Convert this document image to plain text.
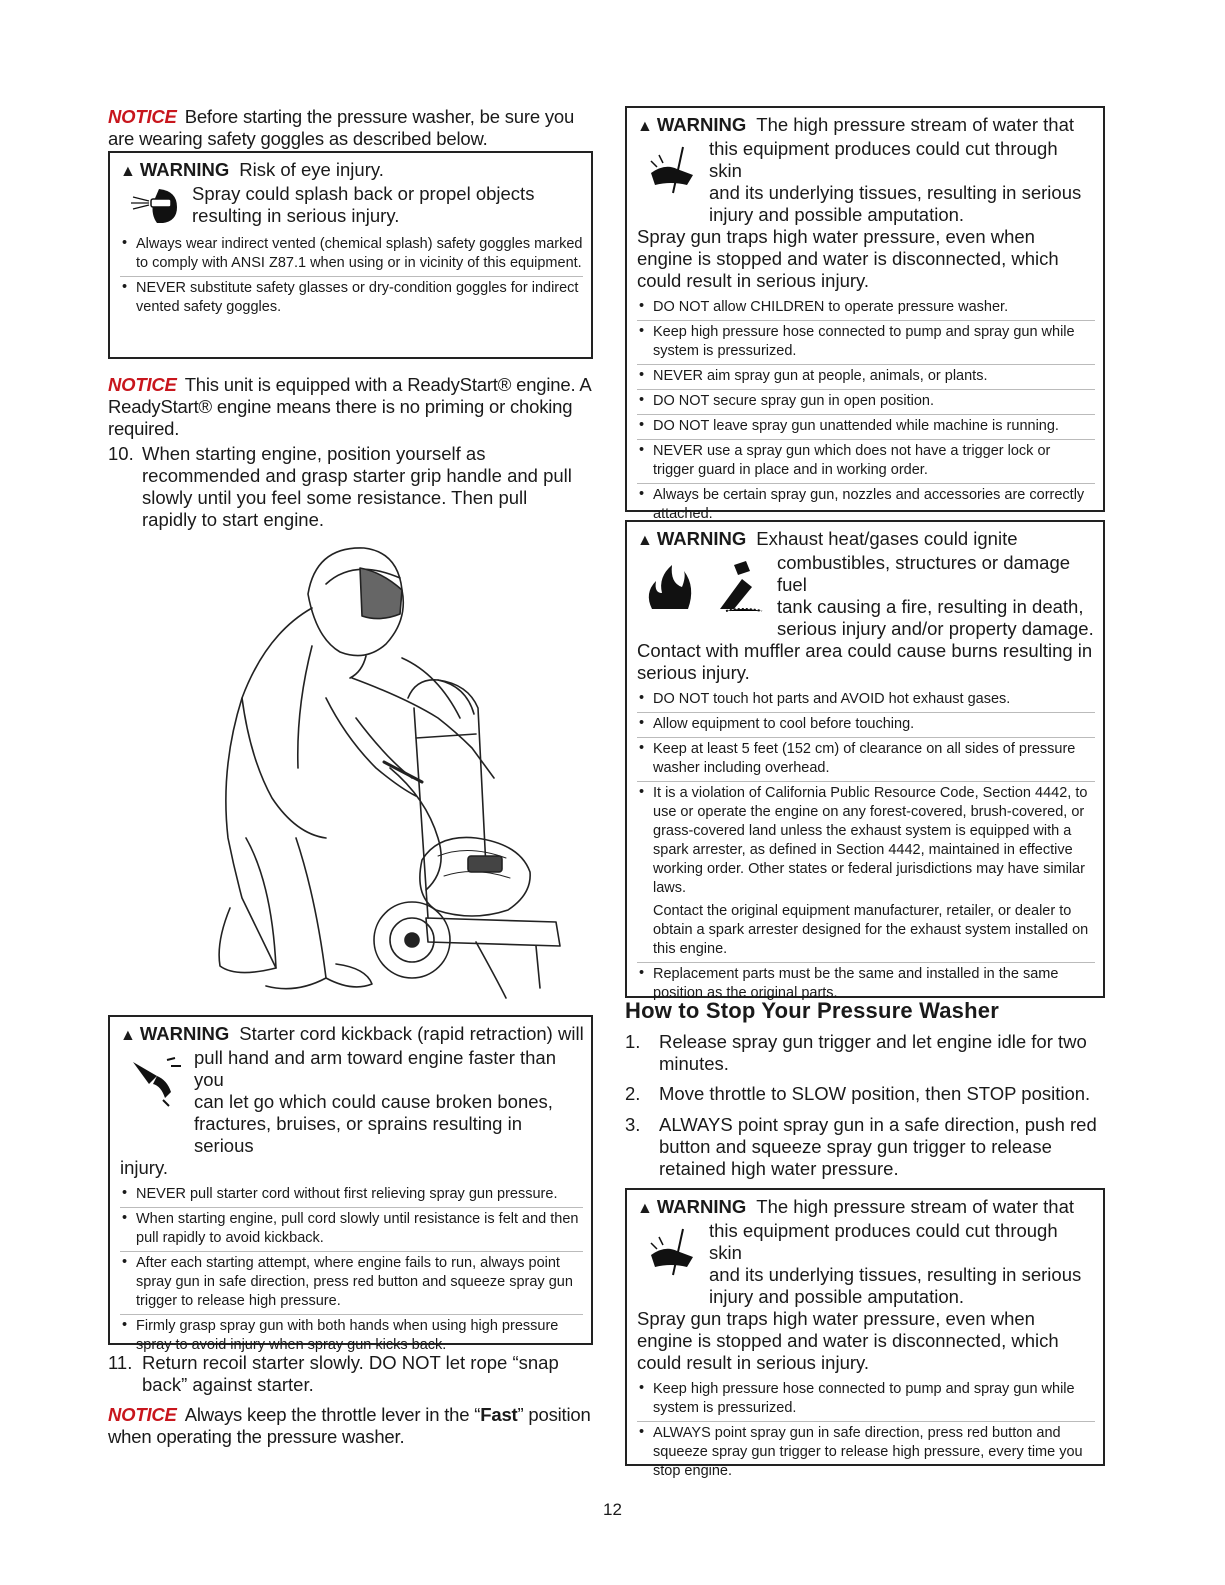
NOTICE Before starting the pressure washer, be sure you are wearing safety goggles as described below.

▲ WARNING Risk of eye injury.
Spray could splash back or propel objects
resulting in serious injury.
• Always wear indirect vented (chemical splash) safety goggles marked to comply with ANSI Z87.1 when using or in vicinity of this equipment.
• NEVER substitute safety glasses or dry-condition goggles for indirect vented safety goggles.

NOTICE This unit is equipped with a ReadyStart® engine. A ReadyStart® engine means there is no priming or choking required.

10. When starting engine, position yourself as recommended and grasp starter grip handle and pull slowly until you feel some resistance. Then pull rapidly to start engine.
▲ WARNING Starter cord kickback (rapid retraction) will
pull hand and arm toward engine faster than you
can let go which could cause broken bones,
fractures, bruises, or sprains resulting in serious
injury.
• NEVER pull starter cord without first relieving spray gun pressure.
• When starting engine, pull cord slowly until resistance is felt and then pull rapidly to avoid kickback.
• After each starting attempt, where engine fails to run, always point spray gun in safe direction, press red button and squeeze spray gun trigger to release high pressure.
• Firmly grasp spray gun with both hands when using high pressure spray to avoid injury when spray gun kicks back.
11. Return recoil starter slowly. DO NOT let rope “snap back” against starter.

NOTICE Always keep the throttle lever in the “Fast” position when operating the pressure washer.

▲ WARNING The high pressure stream of water that
this equipment produces could cut through skin
and its underlying tissues, resulting in serious
injury and possible amputation.
Spray gun traps high water pressure, even when engine is stopped and water is disconnected, which could result in serious injury.
• DO NOT allow CHILDREN to operate pressure washer.
• Keep high pressure hose connected to pump and spray gun while system is pressurized.
• NEVER aim spray gun at people, animals, or plants.
• DO NOT secure spray gun in open position.
• DO NOT leave spray gun unattended while machine is running.
• NEVER use a spray gun which does not have a trigger lock or trigger guard in place and in working order.
• Always be certain spray gun, nozzles and accessories are correctly attached.
▲ WARNING Exhaust heat/gases could ignite
combustibles, structures or damage fuel
tank causing a fire, resulting in death,
serious injury and/or property damage.
Contact with muffler area could cause burns resulting in serious injury.
• DO NOT touch hot parts and AVOID hot exhaust gases.
• Allow equipment to cool before touching.
• Keep at least 5 feet (152 cm) of clearance on all sides of pressure washer including overhead.
• It is a violation of California Public Resource Code, Section 4442, to use or operate the engine on any forest-covered, brush-covered, or grass-covered land unless the exhaust system is equipped with a spark arrester, as defined in Section 4442, maintained in effective working order. Other states or federal jurisdictions may have similar laws.
Contact the original equipment manufacturer, retailer, or dealer to obtain a spark arrester designed for the exhaust system installed on this engine.
• Replacement parts must be the same and installed in the same position as the original parts.
How to Stop Your Pressure Washer
1.	Release spray gun trigger and let engine idle for two minutes.
2.	Move throttle to SLOW position, then STOP position.
3.	ALWAYS point spray gun in a safe direction, push red button and squeeze spray gun trigger to release retained high water pressure.
▲ WARNING The high pressure stream of water that
this equipment produces could cut through skin
and its underlying tissues, resulting in serious
injury and possible amputation.
Spray gun traps high water pressure, even when engine is stopped and water is disconnected, which could result in serious injury.
• Keep high pressure hose connected to pump and spray gun while system is pressurized.
• ALWAYS point spray gun in safe direction, press red button and squeeze spray gun trigger to release high pressure, every time you stop engine.
12
